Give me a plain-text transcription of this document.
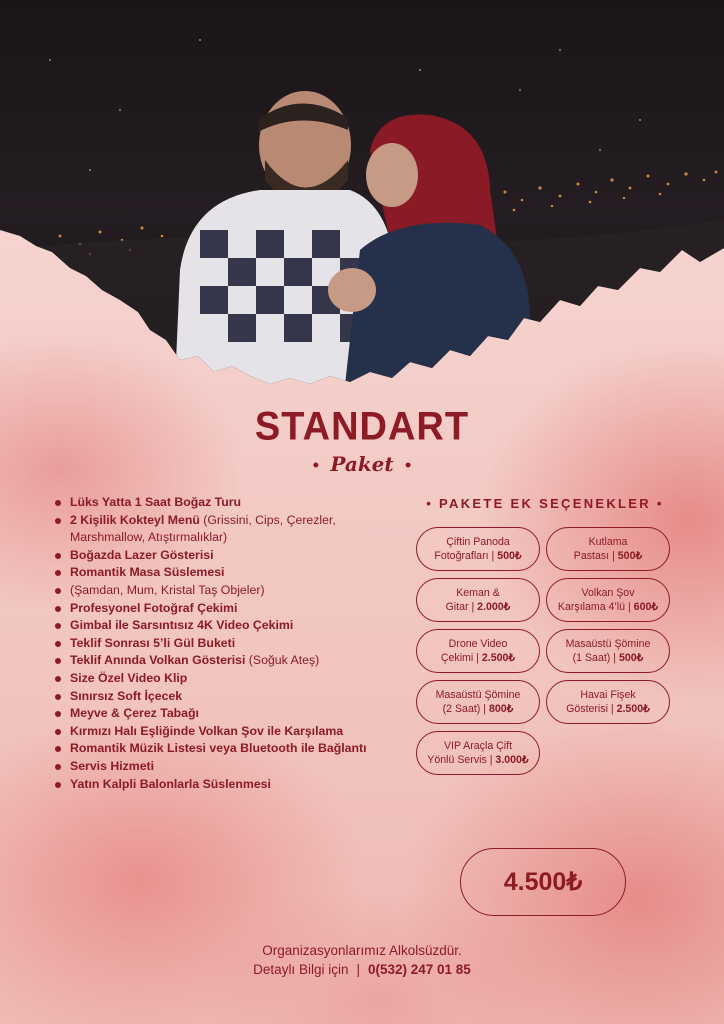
STANDART
• Paket •
Lüks Yatta 1 Saat Boğaz Turu
2 Kişilik Kokteyl Menü (Grissini, Cips, Çerezler, Marshmallow, Atıştırmalıklar)
Boğazda Lazer Gösterisi
Romantik Masa Süslemesi
(Şamdan, Mum, Kristal Taş Objeler)
Profesyonel Fotoğraf Çekimi
Gimbal ile Sarsıntısız 4K Video Çekimi
Teklif Sonrası 5’li Gül Buketi
Teklif Anında Volkan Gösterisi (Soğuk Ateş)
Size Özel Video Klip
Sınırsız Soft İçecek
Meyve & Çerez Tabağı
Kırmızı Halı Eşliğinde Volkan Şov ile Karşılama
Romantik Müzik Listesi veya Bluetooth ile Bağlantı
Servis Hizmeti
Yatın Kalpli Balonlarla Süslenmesi
• PAKETE EK SEÇENEKLER •
Çiftin Panoda
Fotoğrafları | 500₺
Kutlama
Pastası | 500₺
Keman &
Gitar | 2.000₺
Volkan Şov
Karşılama 4’lü | 600₺
Drone Video
Çekimi | 2.500₺
Masaüstü Şömine
(1 Saat) | 500₺
Masaüstü Şömine
(2 Saat) | 800₺
Havai Fişek
Gösterisi | 2.500₺
VIP Araçla Çift
Yönlü Servis | 3.000₺
4.500₺
Organizasyonlarımız Alkolsüzdür.
Detaylı Bilgi için | 0(532) 247 01 85
